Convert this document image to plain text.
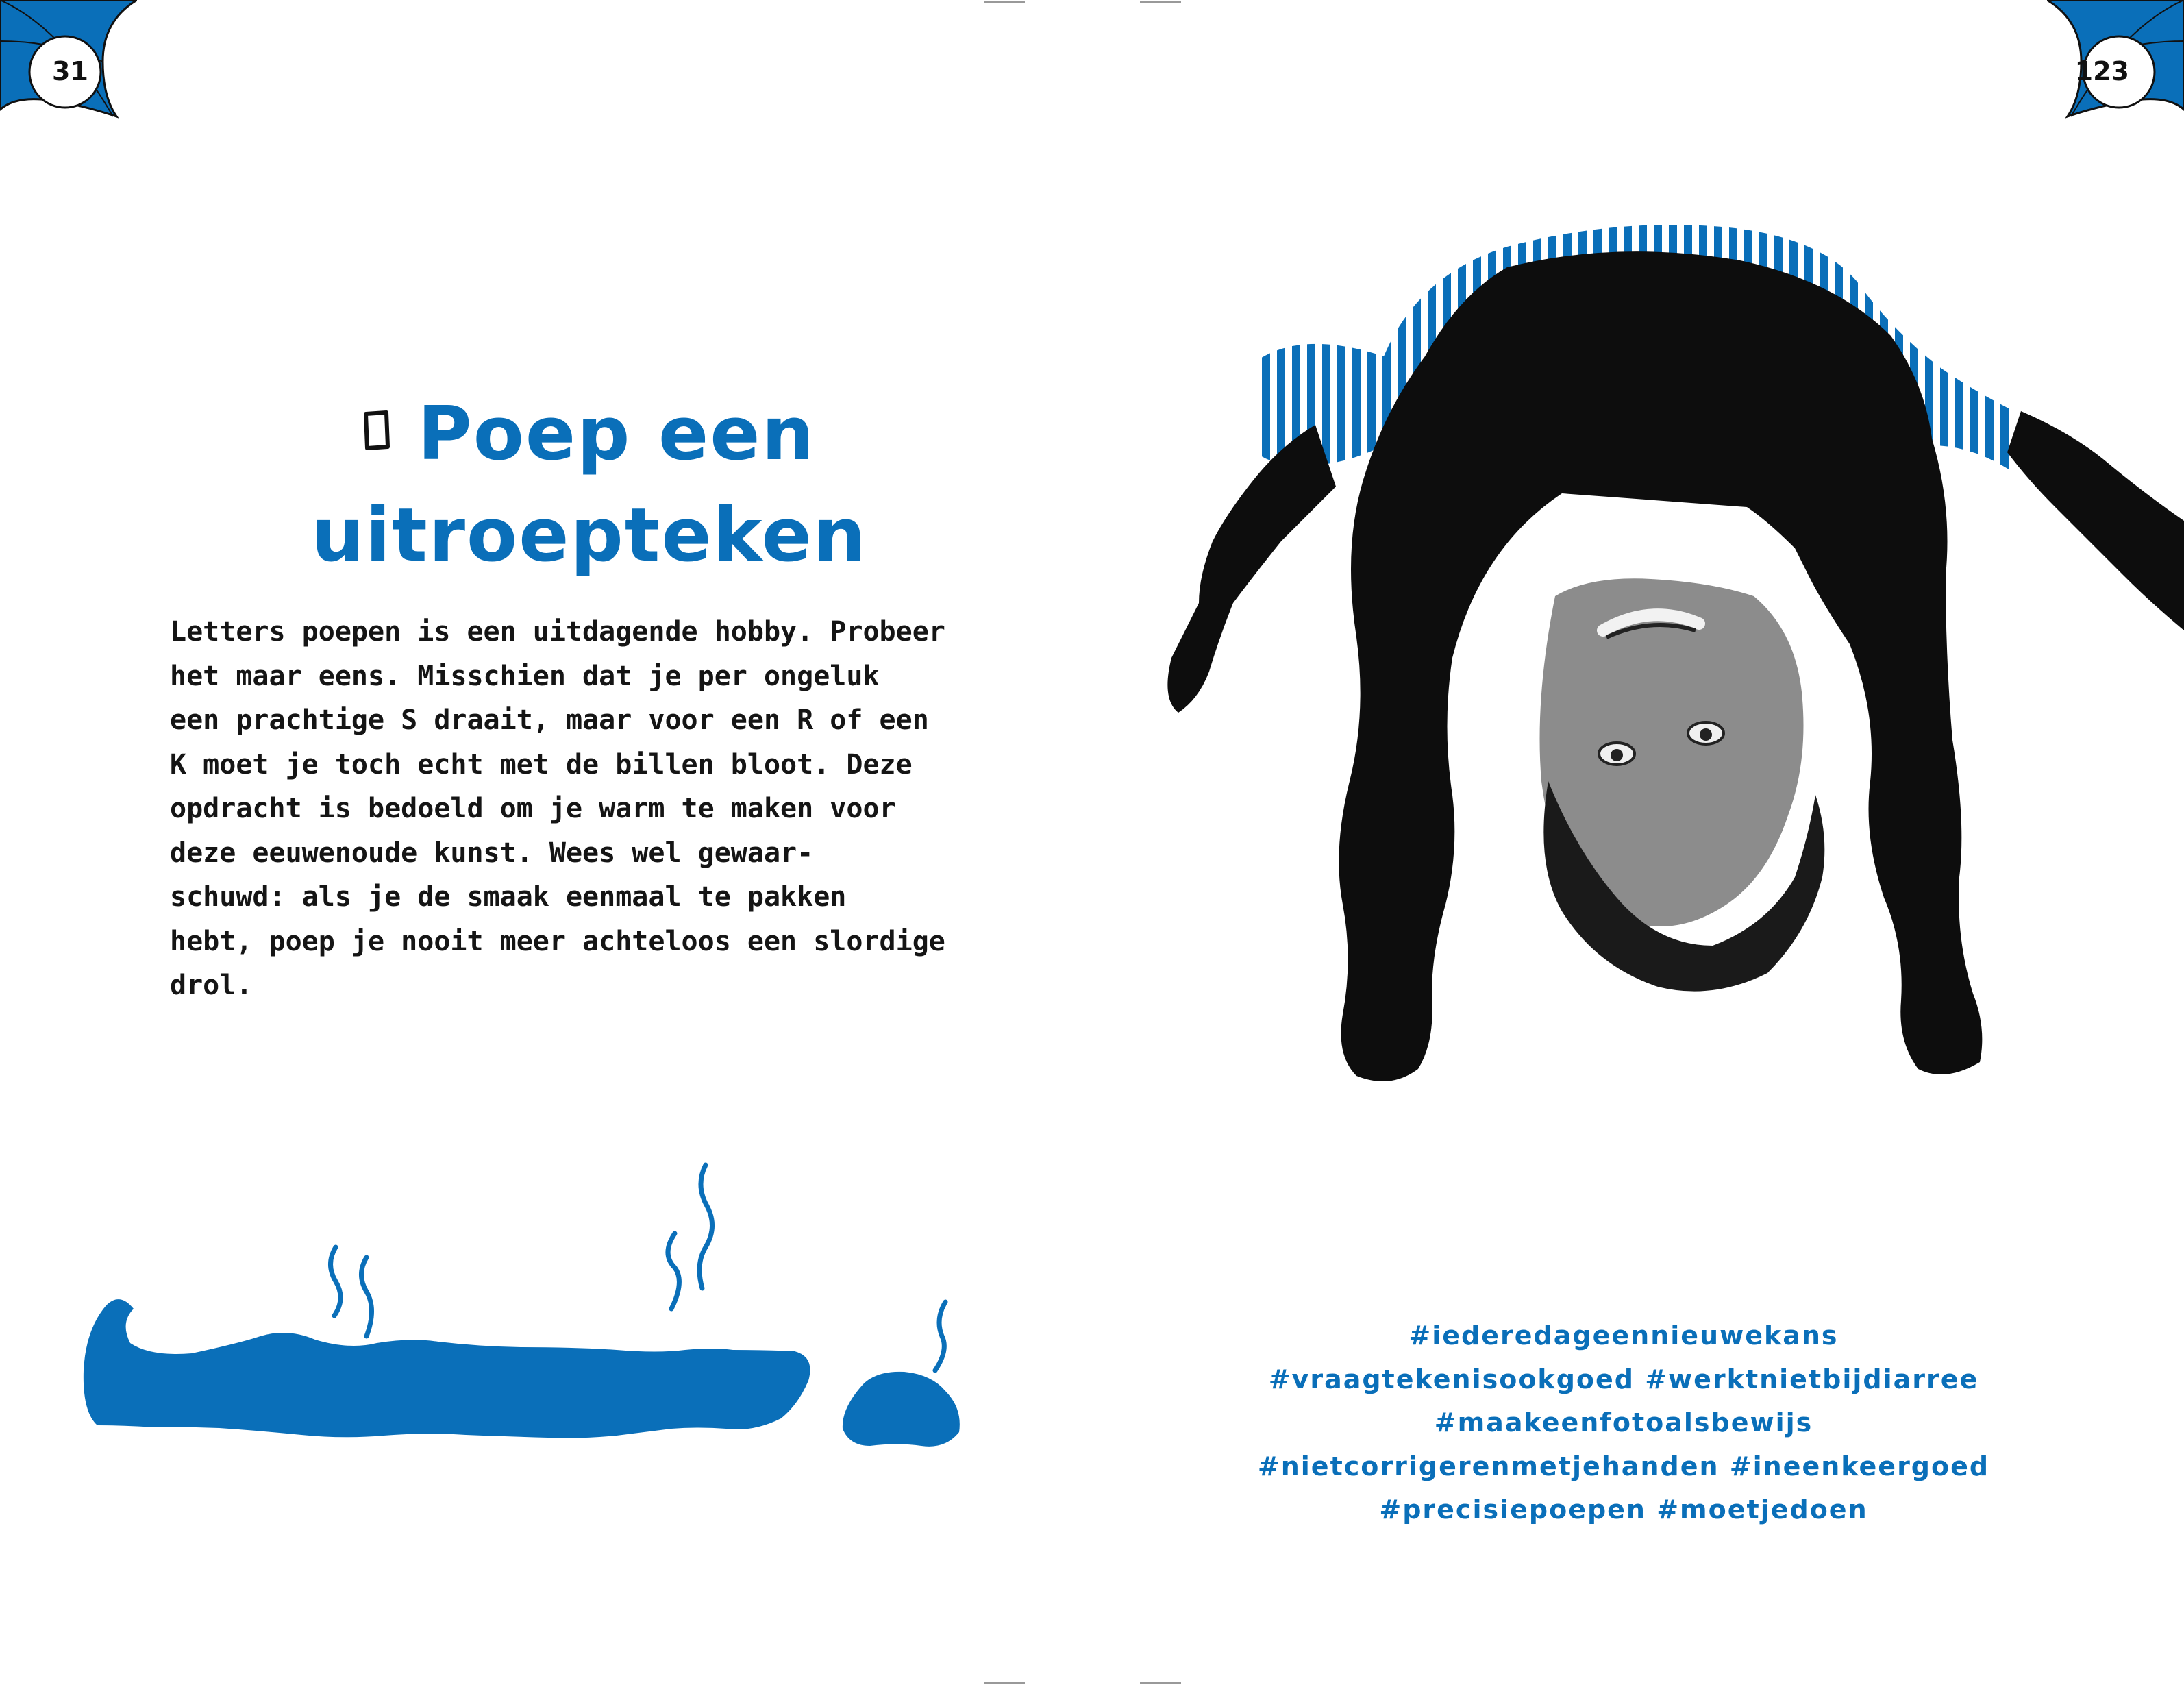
31	123
Poep een
uitroepteken
Letters poepen is een uitdagende hobby. Probeer
het maar eens. Misschien dat je per ongeluk
een prachtige S draait, maar voor een R of een
K moet je toch echt met de billen bloot. Deze
opdracht is bedoeld om je warm te maken voor
deze eeuwenoude kunst. Wees wel gewaar-
schuwd: als je de smaak eenmaal te pakken
hebt, poep je nooit meer achteloos een slordige
drol.
#iederedageennieuwekans
#vraagtekenisookgoed #werktnietbijdiarree
#maakeenfotoalsbewijs
#nietcorrigerenmetjehanden #ineenkeergoed
#precisiepoepen #moetjedoen
